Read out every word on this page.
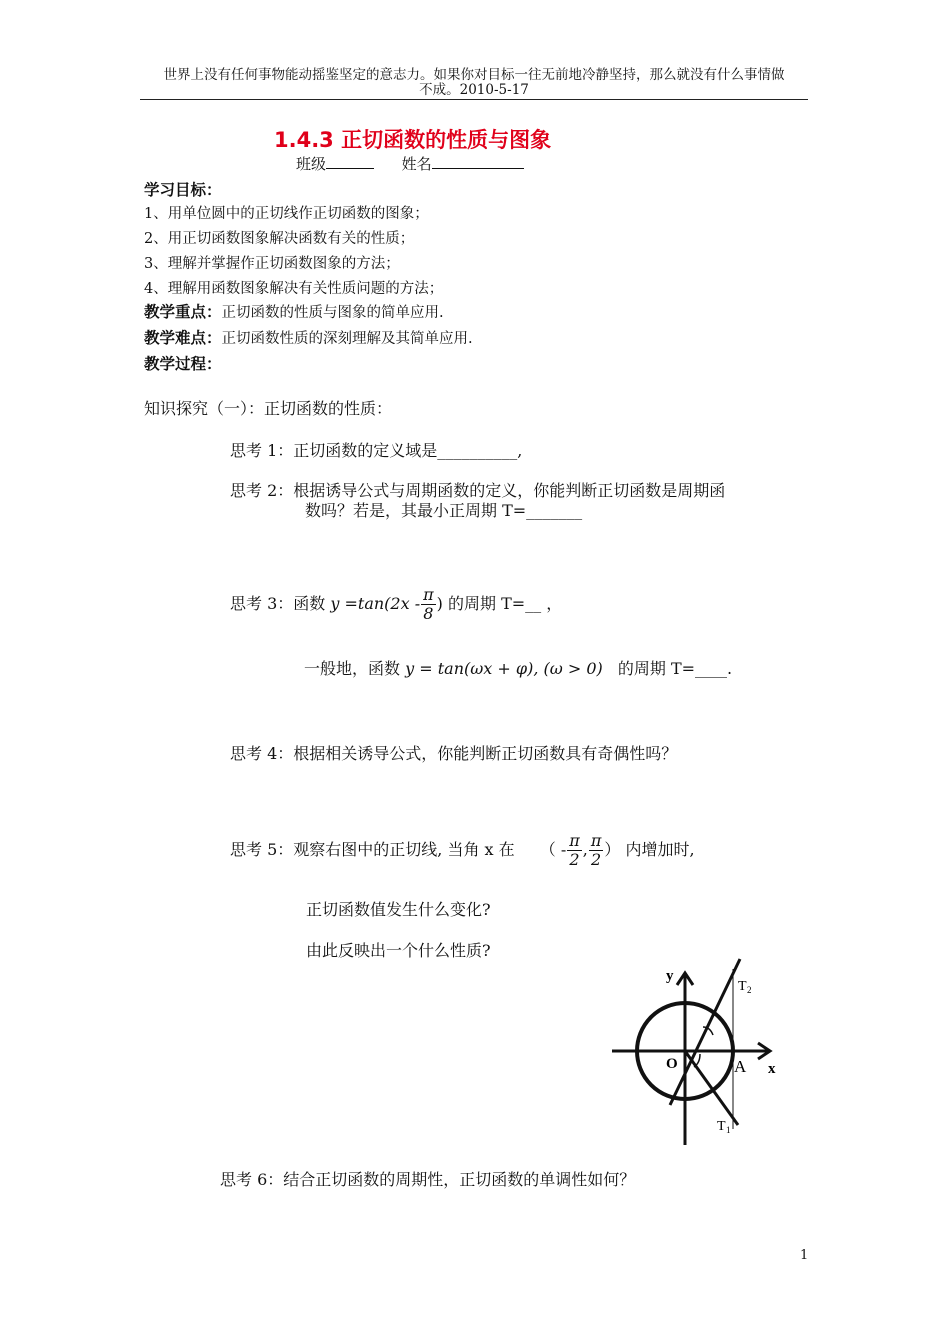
世界上没有任何事物能动摇鉴坚定的意志力。如果你对目标一往无前地冷静坚持，那么就没有什么事情做
不成。2010-5-17
1.4.3 正切函数的性质与图象
班级	姓名
学习目标：
1、用单位圆中的正切线作正切函数的图象；
2、用正切函数图象解决函数有关的性质；
3、理解并掌握作正切函数图象的方法；
4、理解用函数图象解决有关性质问题的方法；
教学重点：正切函数的性质与图象的简单应用.
教学难点：正切函数性质的深刻理解及其简单应用.
教学过程：
知识探究（一）：正切函数的性质：
思考 1：正切函数的定义域是__________,
思考 2：根据诱导公式与周期函数的定义，你能判断正切函数是周期函
数吗？若是，其最小正周期 T=_______
思考 3：函数 $y =\tan(2x - \frac{\pi}{8}$ ) 的周期 T=__ ，
一般地，函数 y = tan(ωx + φ), (ω > 0) 的周期 T=____.
思考 4：根据相关诱导公式，你能判断正切函数具有奇偶性吗？
思考 5：观察右图中的正切线, 当角 x 在 （ - $\frac{\pi}{2}$ , $\frac{\pi}{2}$ ） 内增加时,
正切函数值发生什么变化?
由此反映出一个什么性质?
y
x
O	A
T 2
T 1
思考 6：结合正切函数的周期性，正切函数的单调性如何？
1
